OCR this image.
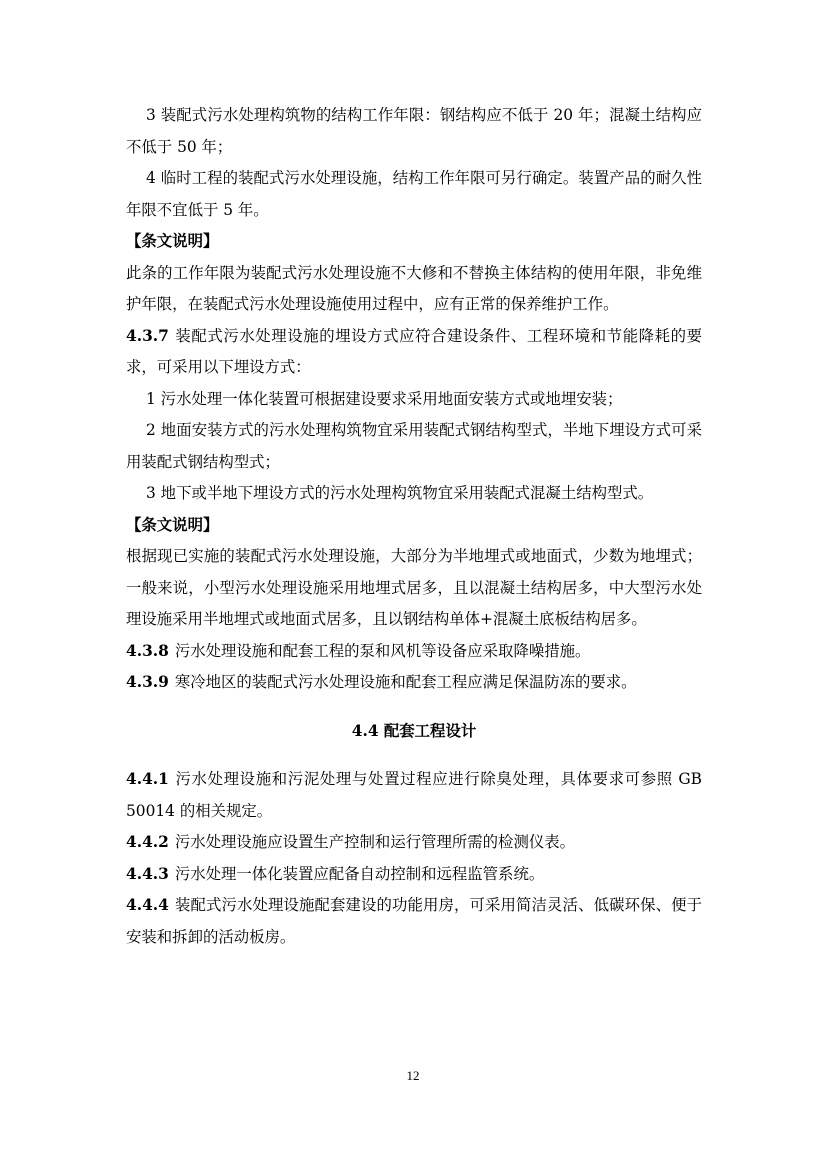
3 装配式污水处理构筑物的结构工作年限：钢结构应不低于 20 年；混凝土结构应不低于 50 年；

4 临时工程的装配式污水处理设施，结构工作年限可另行确定。装置产品的耐久性年限不宜低于 5 年。

【条文说明】

此条的工作年限为装配式污水处理设施不大修和不替换主体结构的使用年限，非免维护年限，在装配式污水处理设施使用过程中，应有正常的保养维护工作。

4.3.7 装配式污水处理设施的埋设方式应符合建设条件、工程环境和节能降耗的要求，可采用以下埋设方式：

1 污水处理一体化装置可根据建设要求采用地面安装方式或地埋安装；

2 地面安装方式的污水处理构筑物宜采用装配式钢结构型式，半地下埋设方式可采用装配式钢结构型式；

3 地下或半地下埋设方式的污水处理构筑物宜采用装配式混凝土结构型式。

【条文说明】

根据现已实施的装配式污水处理设施，大部分为半地埋式或地面式，少数为地埋式；一般来说，小型污水处理设施采用地埋式居多，且以混凝土结构居多，中大型污水处理设施采用半地埋式或地面式居多，且以钢结构单体+混凝土底板结构居多。

4.3.8 污水处理设施和配套工程的泵和风机等设备应采取降噪措施。

4.3.9 寒冷地区的装配式污水处理设施和配套工程应满足保温防冻的要求。

4.4 配套工程设计

4.4.1 污水处理设施和污泥处理与处置过程应进行除臭处理，具体要求可参照 GB 50014 的相关规定。

4.4.2 污水处理设施应设置生产控制和运行管理所需的检测仪表。

4.4.3 污水处理一体化装置应配备自动控制和远程监管系统。

4.4.4 装配式污水处理设施配套建设的功能用房，可采用简洁灵活、低碳环保、便于安装和拆卸的活动板房。

12
